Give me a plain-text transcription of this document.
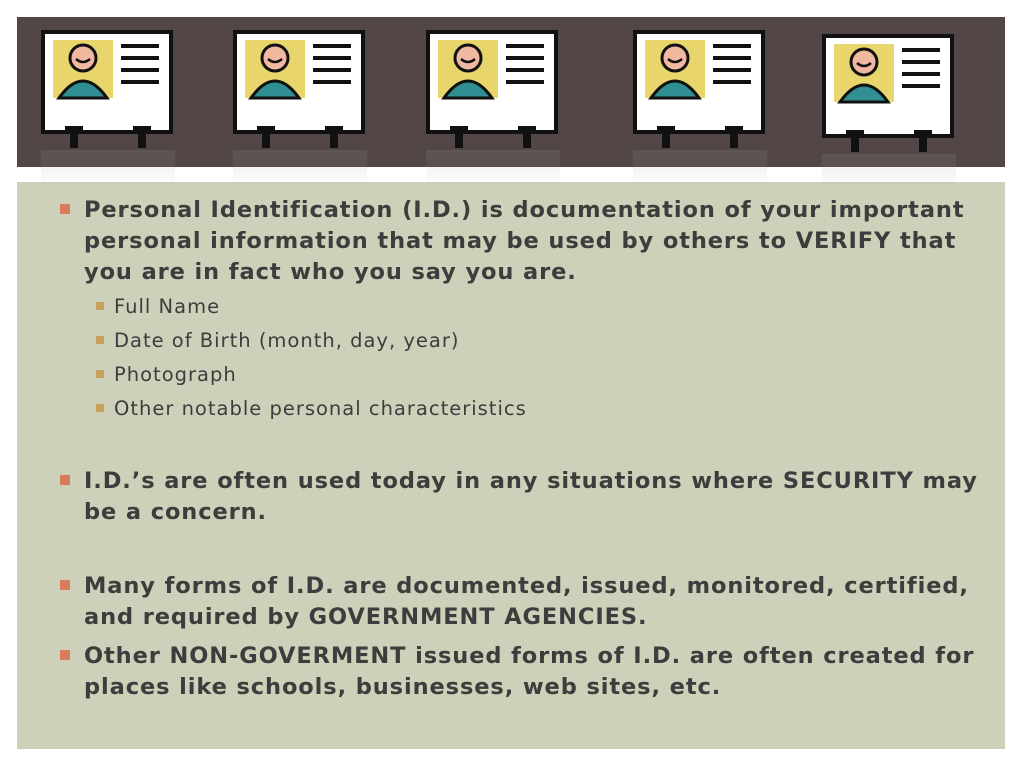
Personal Identification (I.D.) is documentation of your important personal information that may be used by others to VERIFY that you are in fact who you say you are.
Full Name
Date of Birth (month, day, year)
Photograph
Other notable personal characteristics
I.D.’s are often used today in any situations where SECURITY may be a concern.
Many forms of I.D. are documented, issued, monitored, certified, and required by GOVERNMENT AGENCIES.
Other NON-GOVERMENT issued forms of I.D. are often created for places like schools, businesses, web sites, etc.
